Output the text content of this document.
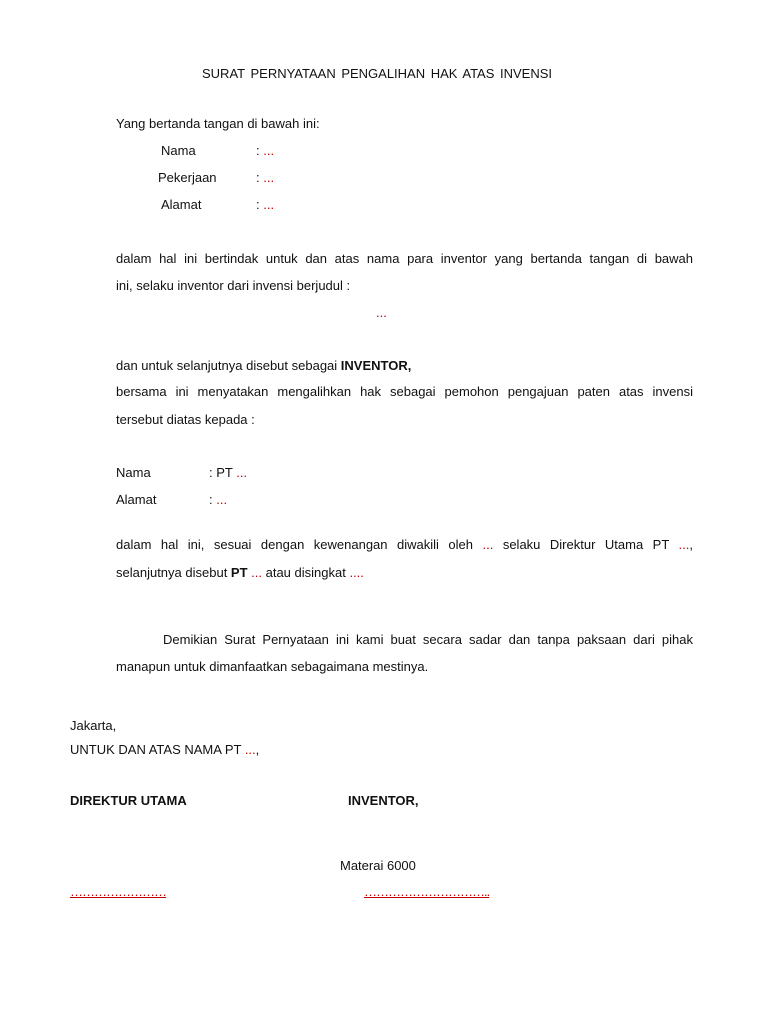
SURAT PERNYATAAN PENGALIHAN HAK ATAS INVENSI
Yang bertanda tangan di bawah ini:
Nama	: ...
Pekerjaan	: ...
Alamat	: ...
dalam hal ini bertindak untuk dan atas nama para inventor yang bertanda tangan di bawah
ini, selaku inventor dari invensi berjudul :
...
dan untuk selanjutnya disebut sebagai INVENTOR,
bersama ini menyatakan mengalihkan hak sebagai pemohon pengajuan paten atas invensi
tersebut diatas kepada :
Nama	: PT ...
Alamat	: ...
dalam hal ini, sesuai dengan kewenangan diwakili oleh ... selaku Direktur Utama PT ...,
selanjutnya disebut PT ... atau disingkat ....
Demikian Surat Pernyataan ini kami buat secara sadar dan tanpa paksaan dari pihak
manapun untuk dimanfaatkan sebagaimana mestinya.
Jakarta,
UNTUK DAN ATAS NAMA PT ...,
DIREKTUR UTAMA	INVENTOR,
Materai 6000
……………………	…………………………..
